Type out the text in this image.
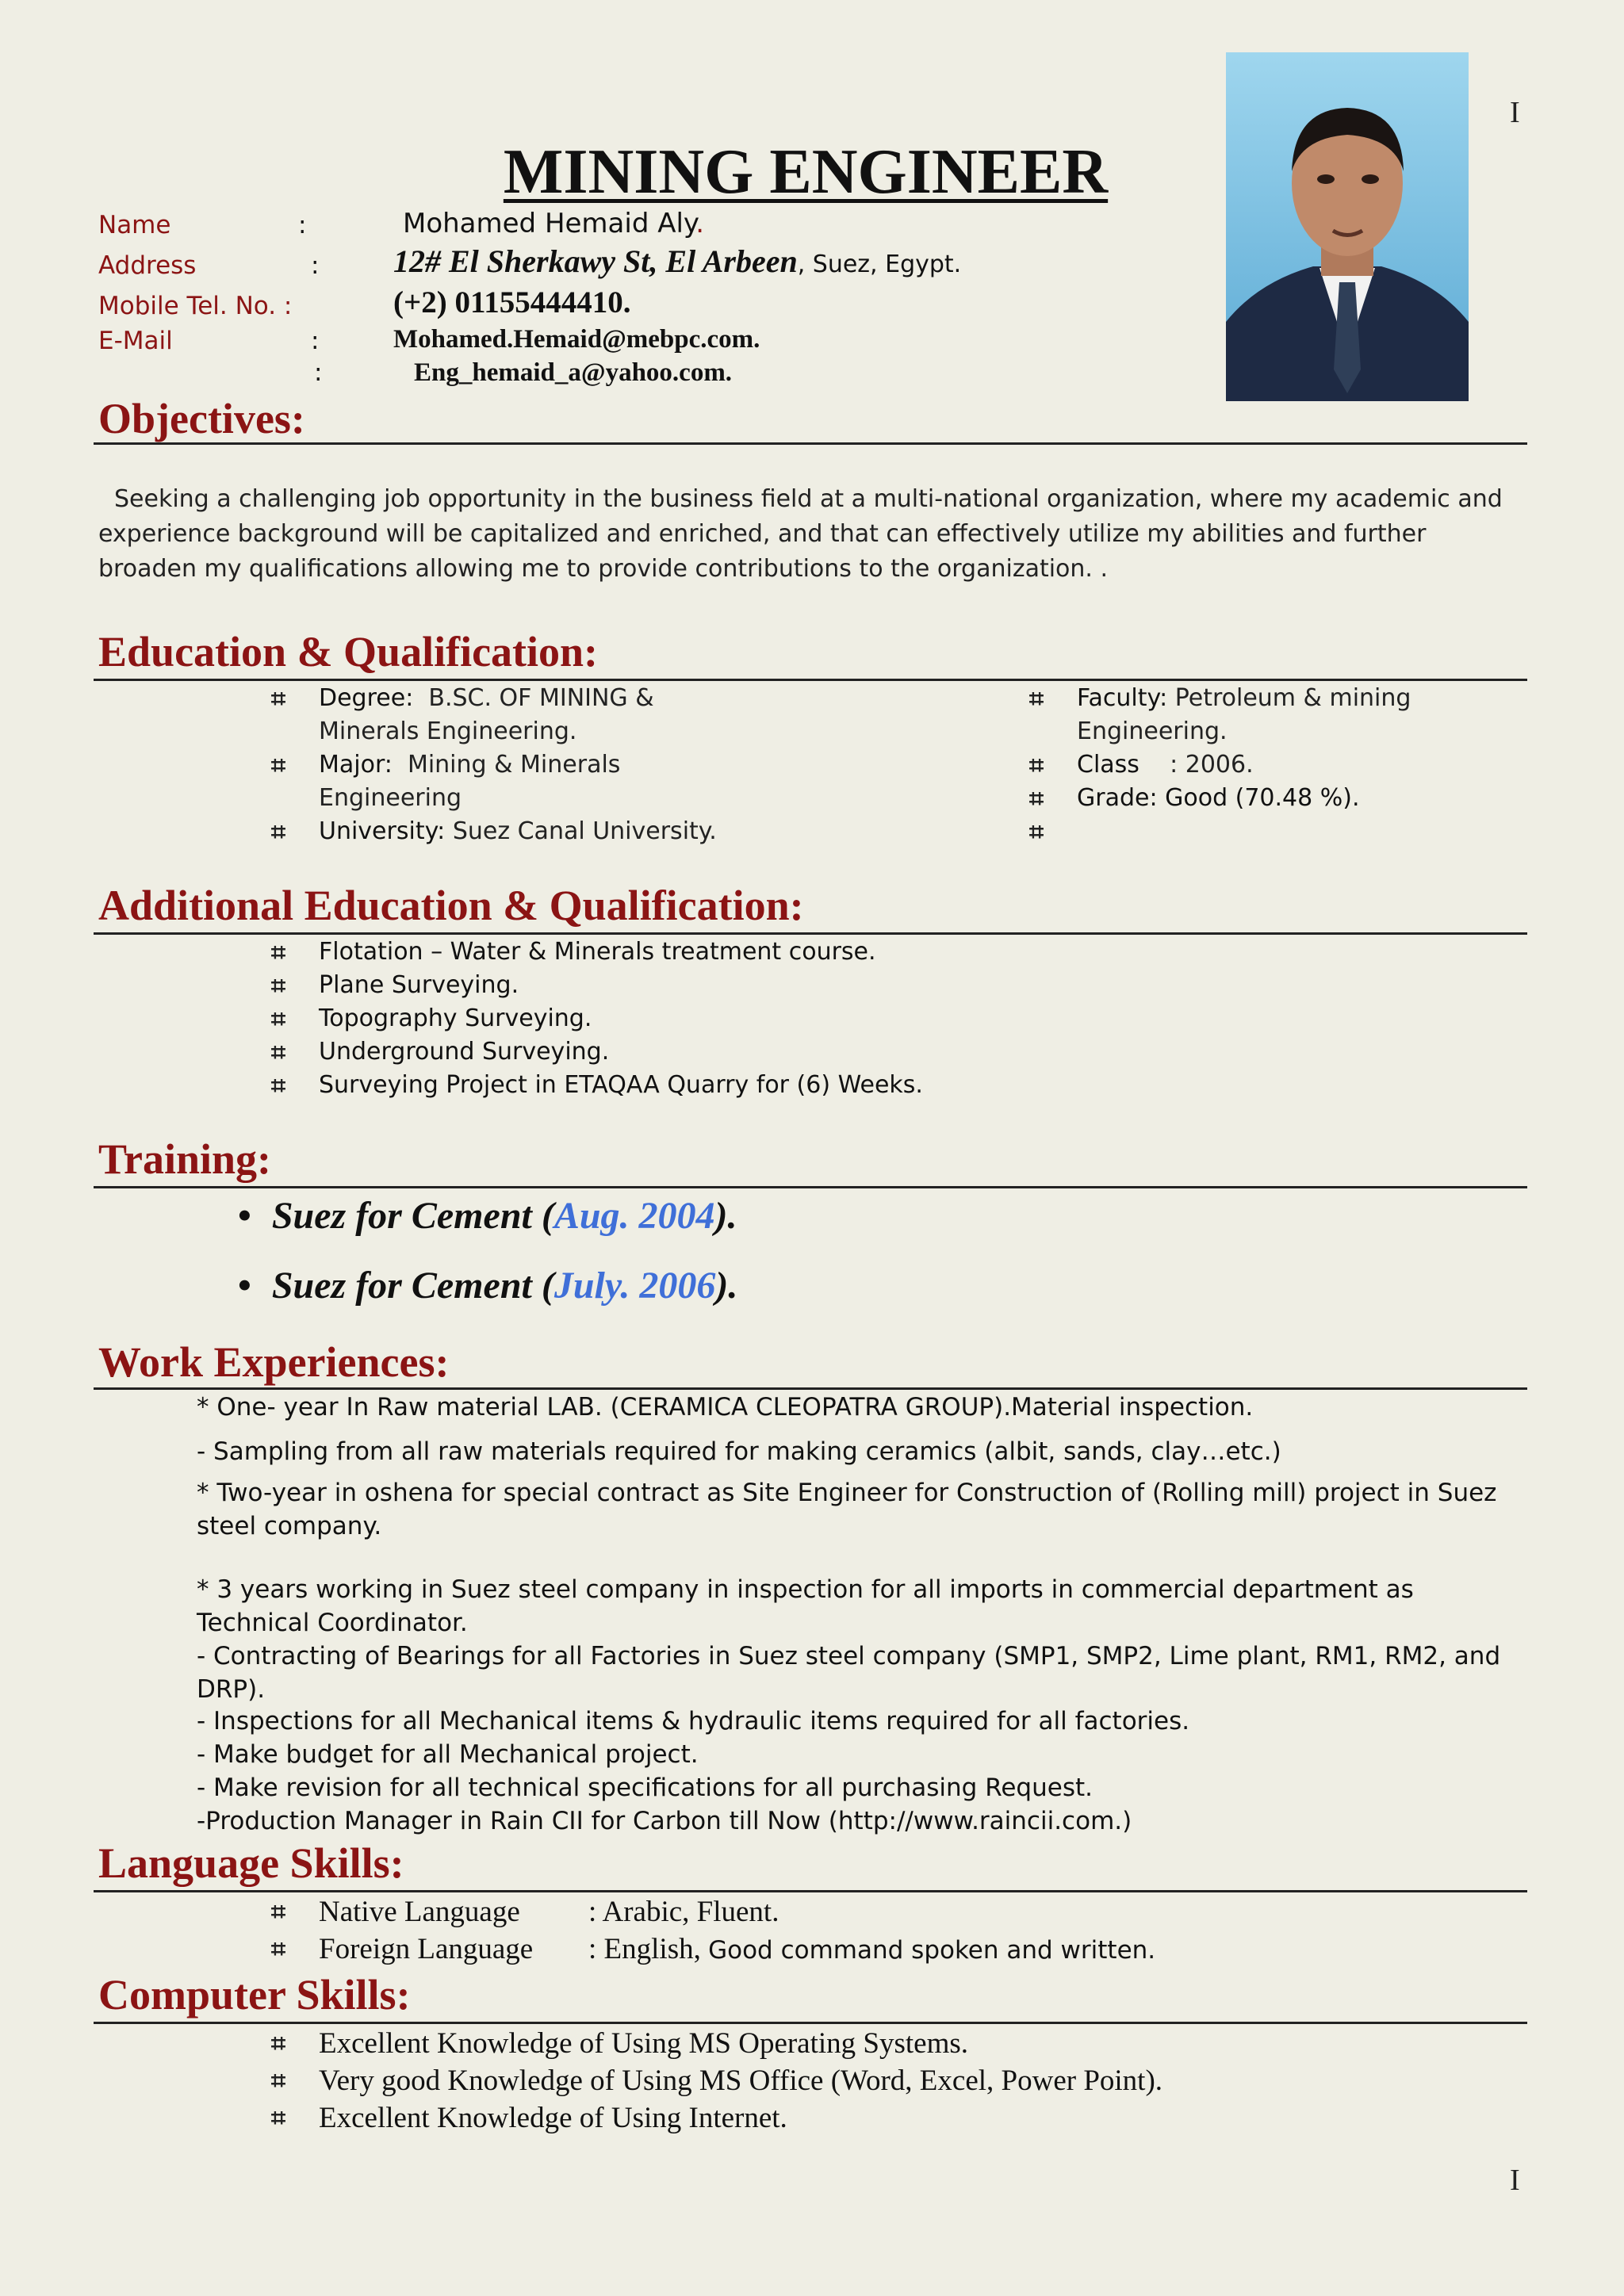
I
I
MINING ENGINEER
Name	:	Mohamed Hemaid Aly.
Address	: 12# El Sherkawy St, El Arbeen, Suez, Egypt.
Mobile Tel. No. :	(+2) 01155444410.
E-Mail	:	Mohamed.Hemaid@mebpc.com.
:	Eng_hemaid_a@yahoo.com.
Objectives:
Seeking a challenging job opportunity in the business field at a multi-national organization, where my academic and experience background will be capitalized and enriched, and that can effectively utilize my abilities and further broaden my qualifications allowing me to provide contributions to the organization. .
Education & Qualification:
⌗ Degree: B.SC. OF MINING &
Minerals Engineering.
⌗ Major: Mining & Minerals
Engineering
⌗ University: Suez Canal University.
⌗ Faculty: Petroleum & mining
Engineering.
⌗ Class : 2006.
⌗ Grade: Good (70.48 %).
⌗

Additional Education & Qualification:
⌗ Flotation – Water & Minerals treatment course.
⌗ Plane Surveying.
⌗ Topography Surveying.
⌗ Underground Surveying.
⌗ Surveying Project in ETAQAA Quarry for (6) Weeks.
Training:
• Suez for Cement (Aug. 2004).
• Suez for Cement (July. 2006).
Work Experiences:
* One- year In Raw material LAB. (CERAMICA CLEOPATRA GROUP).Material inspection.
- Sampling from all raw materials required for making ceramics (albit, sands, clay…etc.)
* Two-year in oshena for special contract as Site Engineer for Construction of (Rolling mill) project in Suez steel company.
* 3 years working in Suez steel company in inspection for all imports in commercial department as Technical Coordinator.
- Contracting of Bearings for all Factories in Suez steel company (SMP1, SMP2, Lime plant, RM1, RM2, and DRP).
- Inspections for all Mechanical items & hydraulic items required for all factories.
- Make budget for all Mechanical project.
- Make revision for all technical specifications for all purchasing Request.
-Production Manager in Rain CII for Carbon till Now (http://www.raincii.com.)
Language Skills:
⌗ Native Language : Arabic, Fluent.
⌗ Foreign Language : English, Good command spoken and written.
Computer Skills:
⌗ Excellent Knowledge of Using MS Operating Systems.
⌗ Very good Knowledge of Using MS Office (Word, Excel, Power Point).
⌗ Excellent Knowledge of Using Internet.
